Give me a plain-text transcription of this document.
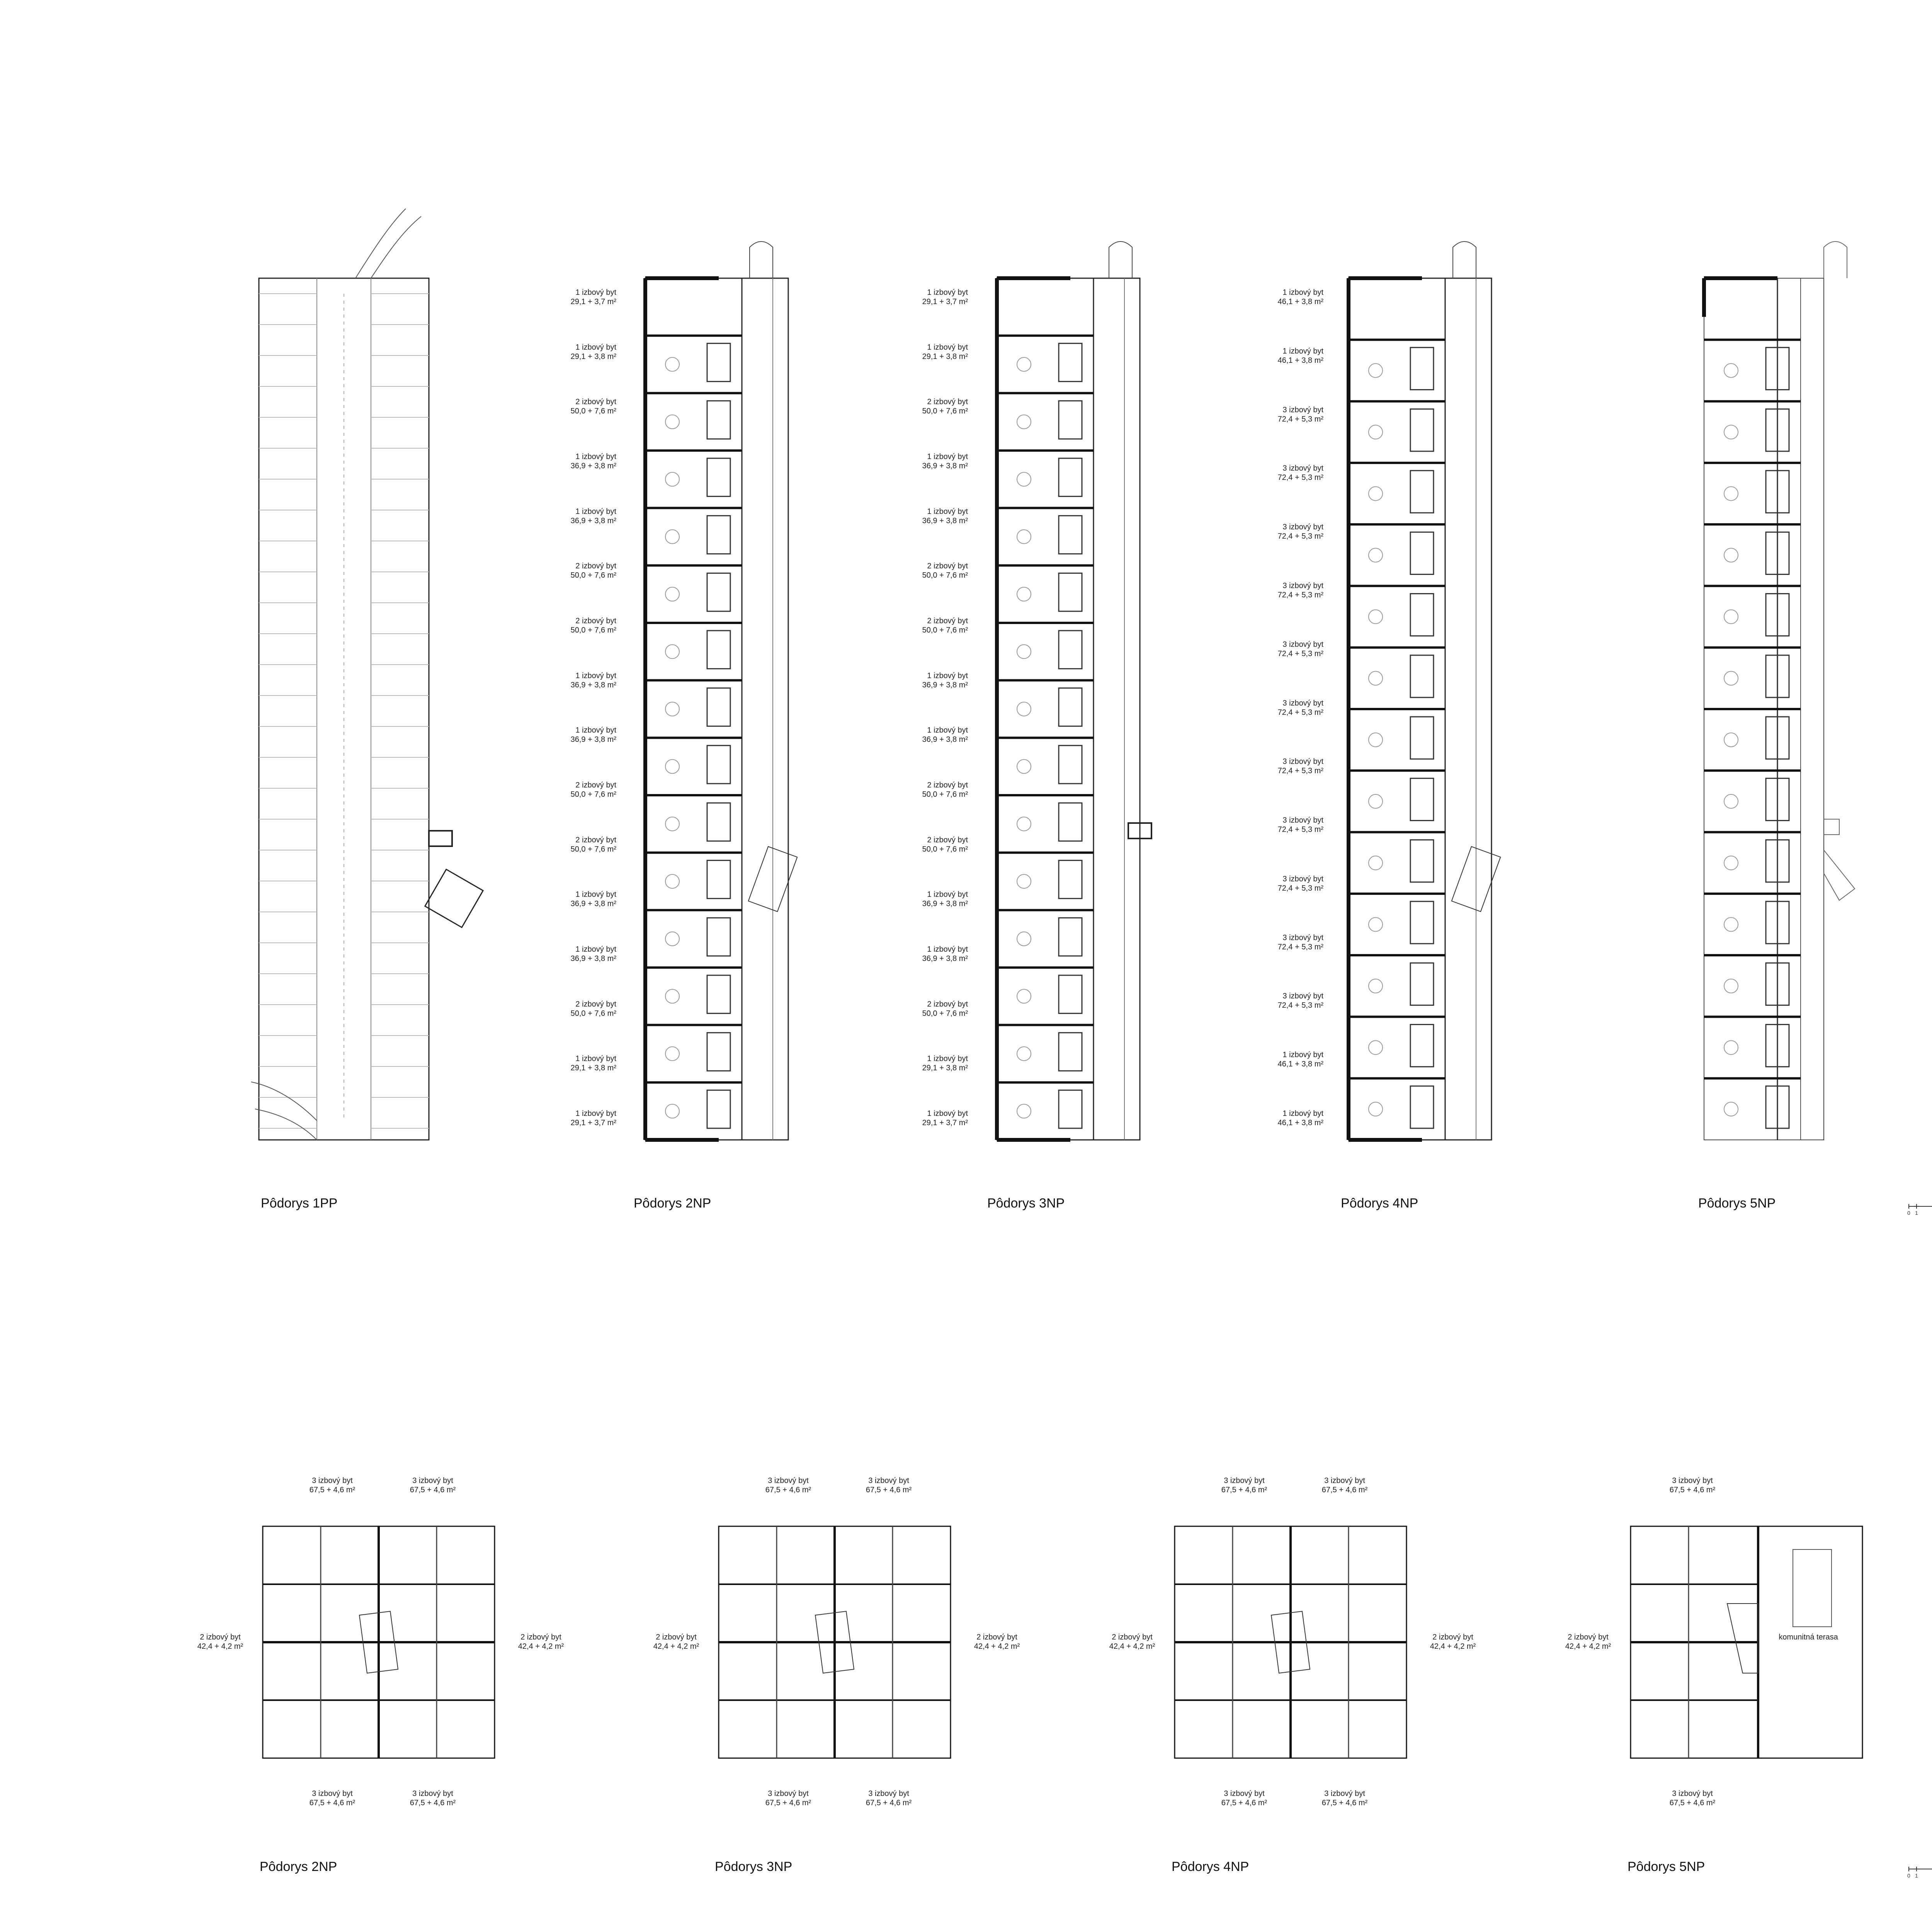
1 izbový byt
29,1 + 3,7 m²
1 izbový byt
29,1 + 3,8 m²
2 izbový byt
50,0 + 7,6 m²
1 izbový byt
36,9 + 3,8 m²
1 izbový byt
36,9 + 3,8 m²
2 izbový byt
50,0 + 7,6 m²
2 izbový byt
50,0 + 7,6 m²
1 izbový byt
36,9 + 3,8 m²
1 izbový byt
36,9 + 3,8 m²
2 izbový byt
50,0 + 7,6 m²
2 izbový byt
50,0 + 7,6 m²
1 izbový byt
36,9 + 3,8 m²
1 izbový byt
36,9 + 3,8 m²
2 izbový byt
50,0 + 7,6 m²
1 izbový byt
29,1 + 3,8 m²
1 izbový byt
29,1 + 3,7 m²
1 izbový byt
29,1 + 3,7 m²
1 izbový byt
29,1 + 3,8 m²
2 izbový byt
50,0 + 7,6 m²
1 izbový byt
36,9 + 3,8 m²
1 izbový byt
36,9 + 3,8 m²
2 izbový byt
50,0 + 7,6 m²
2 izbový byt
50,0 + 7,6 m²
1 izbový byt
36,9 + 3,8 m²
1 izbový byt
36,9 + 3,8 m²
2 izbový byt
50,0 + 7,6 m²
2 izbový byt
50,0 + 7,6 m²
1 izbový byt
36,9 + 3,8 m²
1 izbový byt
36,9 + 3,8 m²
2 izbový byt
50,0 + 7,6 m²
1 izbový byt
29,1 + 3,8 m²
1 izbový byt
29,1 + 3,7 m²
1 izbový byt
46,1 + 3,8 m²
1 izbový byt
46,1 + 3,8 m²
3 izbový byt
72,4 + 5,3 m²
3 izbový byt
72,4 + 5,3 m²
3 izbový byt
72,4 + 5,3 m²
3 izbový byt
72,4 + 5,3 m²
3 izbový byt
72,4 + 5,3 m²
3 izbový byt
72,4 + 5,3 m²
3 izbový byt
72,4 + 5,3 m²
3 izbový byt
72,4 + 5,3 m²
3 izbový byt
72,4 + 5,3 m²
3 izbový byt
72,4 + 5,3 m²
3 izbový byt
72,4 + 5,3 m²
1 izbový byt
46,1 + 3,8 m²
1 izbový byt
46,1 + 3,8 m²
Pôdorys 1PP	Pôdorys 2NP	Pôdorys 3NP	Pôdorys 4NP	Pôdorys 5NP
0 1
3 izbový byt
67,5 + 4,6 m²
3 izbový byt
67,5 + 4,6 m²
3 izbový byt
67,5 + 4,6 m²
3 izbový byt
67,5 + 4,6 m²
2 izbový byt
42,4 + 4,2 m²
2 izbový byt
42,4 + 4,2 m²
3 izbový byt
67,5 + 4,6 m²
3 izbový byt
67,5 + 4,6 m²
3 izbový byt
67,5 + 4,6 m²
3 izbový byt
67,5 + 4,6 m²
2 izbový byt
42,4 + 4,2 m²
2 izbový byt
42,4 + 4,2 m²
3 izbový byt
67,5 + 4,6 m²
3 izbový byt
67,5 + 4,6 m²
3 izbový byt
67,5 + 4,6 m²
3 izbový byt
67,5 + 4,6 m²
2 izbový byt
42,4 + 4,2 m²
2 izbový byt
42,4 + 4,2 m²
3 izbový byt
67,5 + 4,6 m²
3 izbový byt
67,5 + 4,6 m²
2 izbový byt
42,4 + 4,2 m²
komunitná terasa
Pôdorys 2NP	Pôdorys 3NP	Pôdorys 4NP	Pôdorys 5NP
0 1
